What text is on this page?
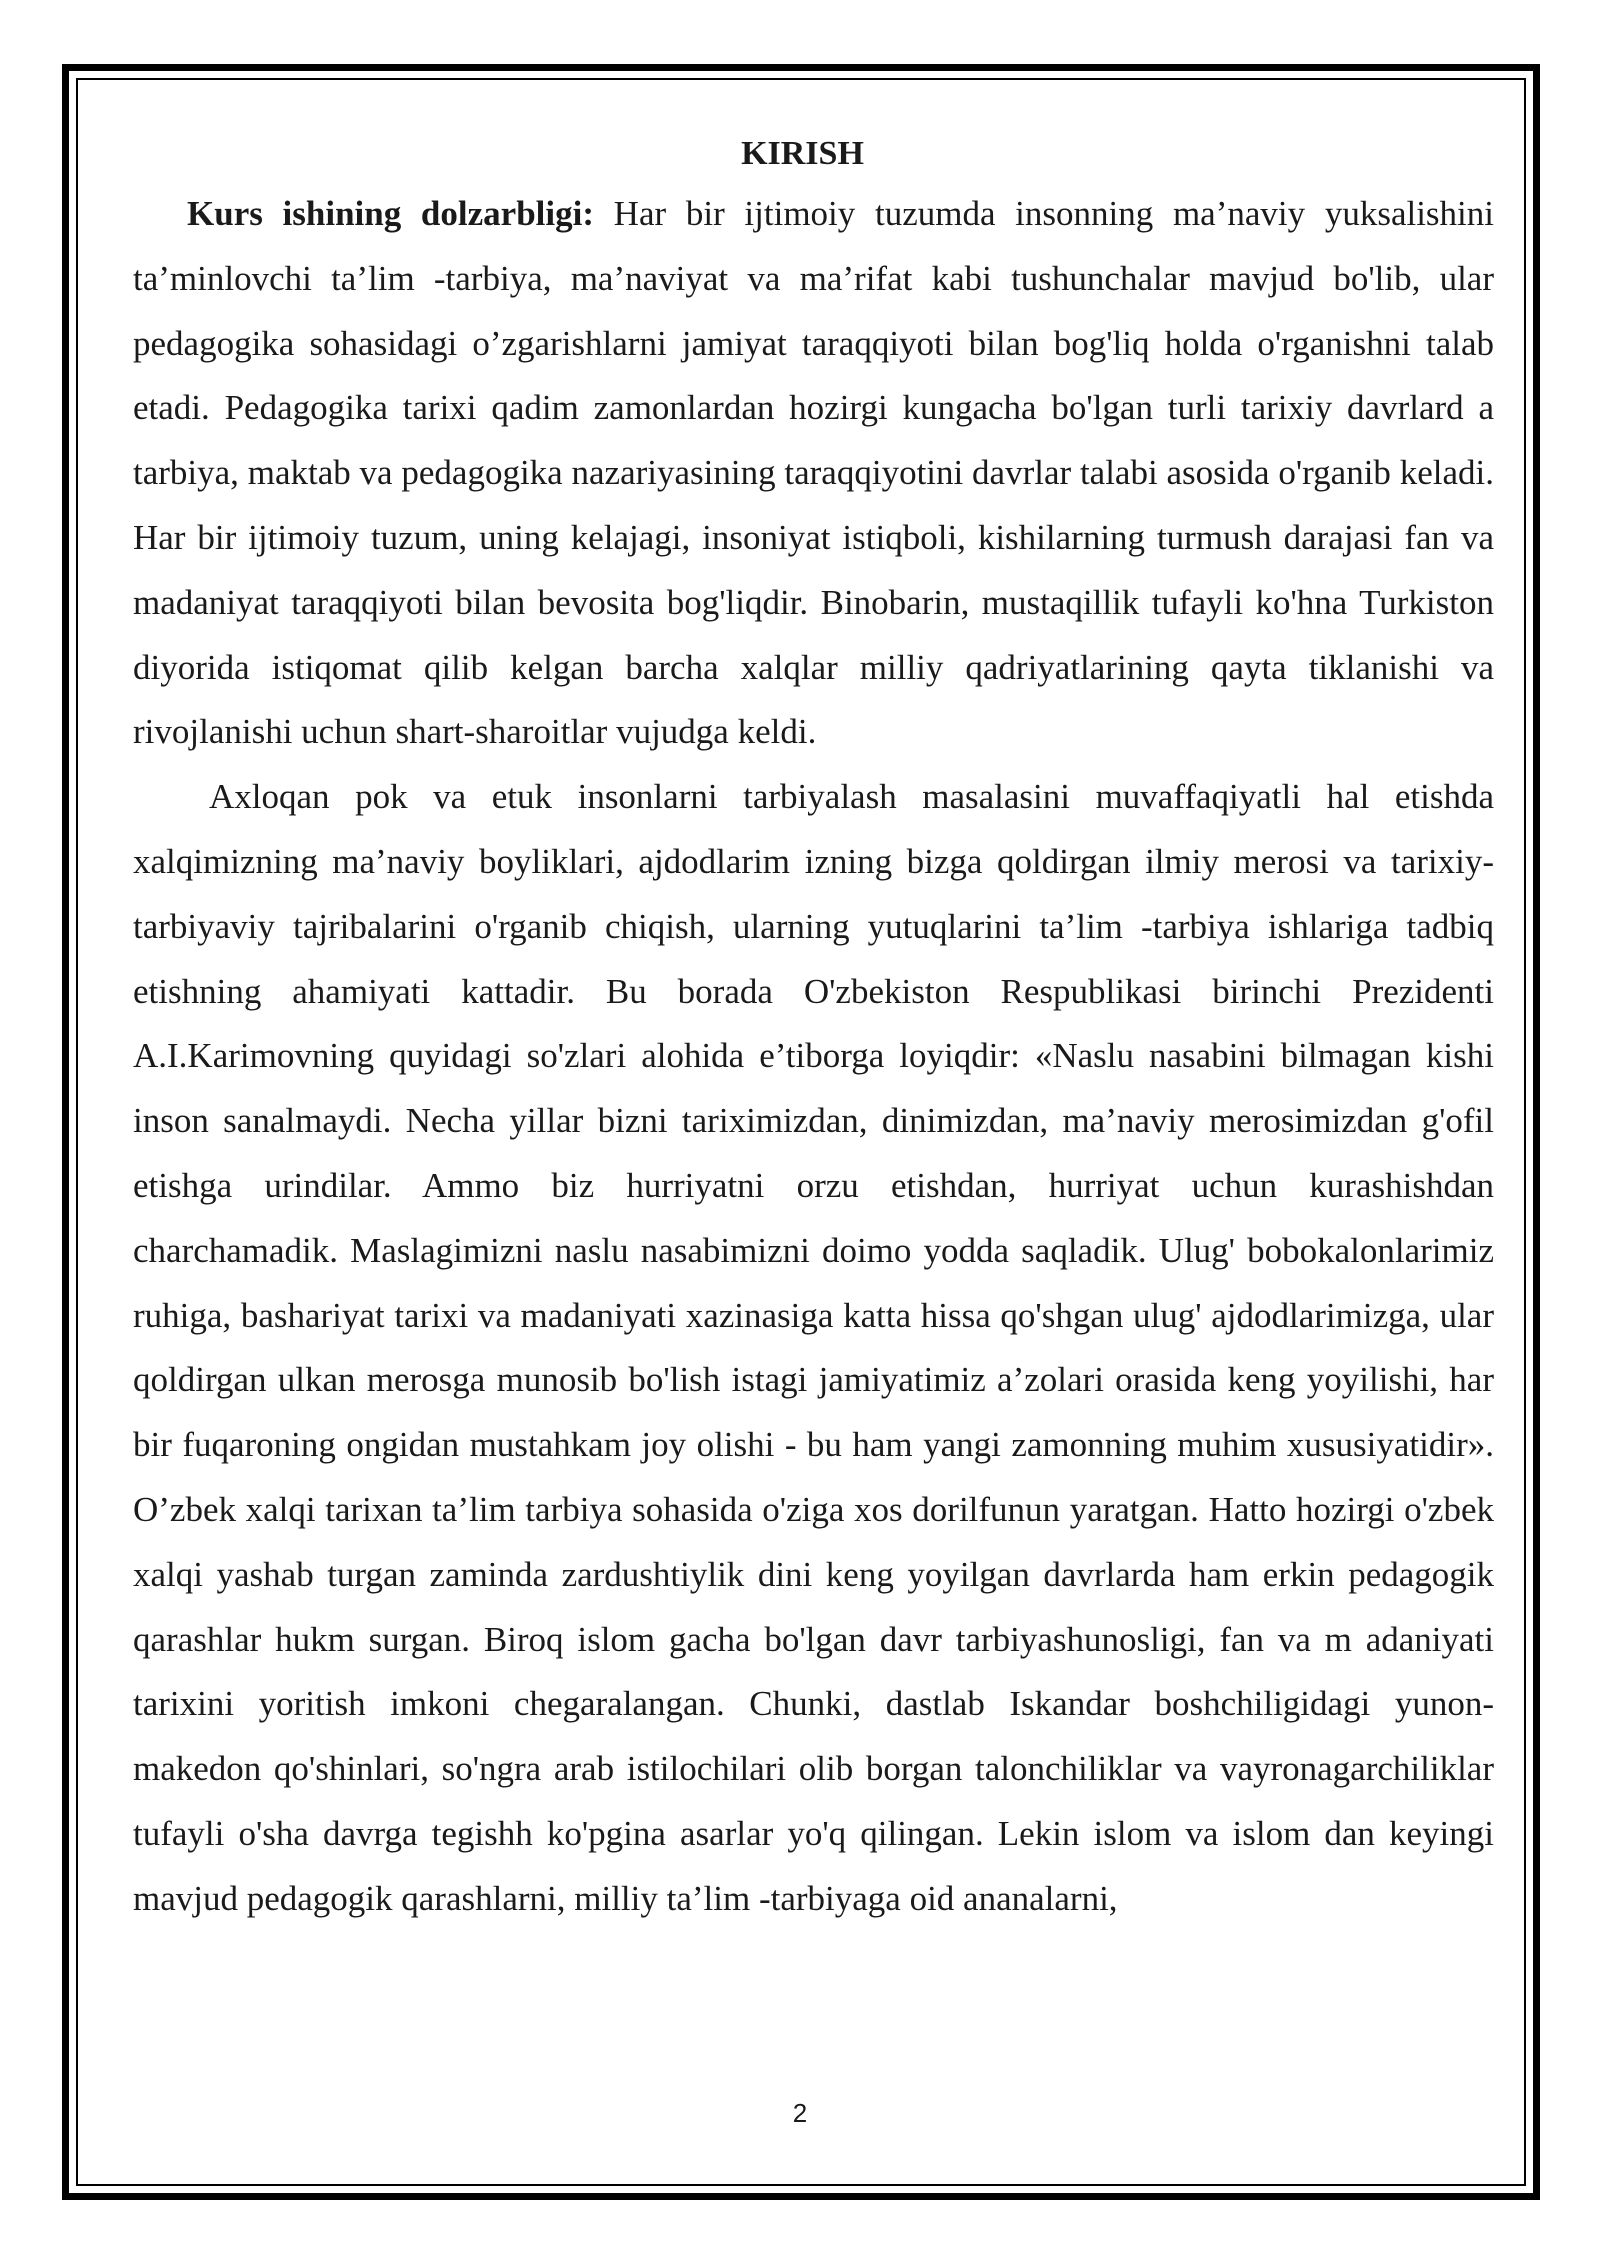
KIRISH

Kurs ishining dolzarbligi: Har bir ijtimoiy tuzumda insonning ma’naviy yuksalishini ta’minlovchi ta’lim -tarbiya, ma’naviyat va ma’rifat kabi tushunchalar mavjud bo'lib, ular pedagogika sohasidagi o’zgarishlarni jamiyat taraqqiyoti bilan bog'liq holda o'rganishni talab etadi. Pedagogika tarixi qadim zamonlardan hozirgi kungacha bo'lgan turli tarixiy davrlard a tarbiya, maktab va pedagogika nazariyasining taraqqiyotini davrlar talabi asosida o'rganib keladi. Har bir ijtimoiy tuzum, uning kelajagi, insoniyat istiqboli, kishilarning turmush darajasi fan va madaniyat taraqqiyoti bilan bevosita bog'liqdir. Binobarin, mustaqillik tufayli ko'hna Turkiston diyorida istiqomat qilib kelgan barcha xalqlar milliy qadriyatlarining qayta tiklanishi va rivojlanishi uchun shart-sharoitlar vujudga keldi.

Axloqan pok va etuk insonlarni tarbiyalash masalasini muvaffaqiyatli hal etishda xalqimizning ma’naviy boyliklari, ajdodlarim izning bizga qoldirgan ilmiy merosi va tarixiy-tarbiyaviy tajribalarini o'rganib chiqish, ularning yutuqlarini ta’lim -tarbiya ishlariga tadbiq etishning ahamiyati kattadir. Bu borada O'zbekiston Respublikasi birinchi Prezidenti A.I.Karimovning quyidagi so'zlari alohida e’tiborga loyiqdir: «Naslu nasabini bilmagan kishi inson sanalmaydi. Necha yillar bizni tariximizdan, dinimizdan, ma’naviy merosimizdan g'ofil etishga urindilar. Ammo biz hurriyatni orzu etishdan, hurriyat uchun kurashishdan charchamadik. Maslagimizni naslu nasabimizni doimo yodda saqladik. Ulug' bobokalonlarimiz ruhiga, bashariyat tarixi va madaniyati xazinasiga katta hissa qo'shgan ulug' ajdodlarimizga, ular qoldirgan ulkan merosga munosib bo'lish istagi jamiyatimiz a’zolari orasida keng yoyilishi, har bir fuqaroning ongidan mustahkam joy olishi - bu ham yangi zamonning muhim xususiyatidir». O’zbek xalqi tarixan ta’lim tarbiya sohasida o'ziga xos dorilfunun yaratgan. Hatto hozirgi o'zbek xalqi yashab turgan zaminda zardushtiylik dini keng yoyilgan davrlarda ham erkin pedagogik qarashlar hukm surgan. Biroq islom gacha bo'lgan davr tarbiyashunosligi, fan va m adaniyati tarixini yoritish imkoni chegaralangan. Chunki, dastlab Iskandar boshchiligidagi yunon-makedon qo'shinlari, so'ngra arab istilochilari olib borgan talonchiliklar va vayronagarchiliklar tufayli o'sha davrga tegishh ko'pgina asarlar yo'q qilingan. Lekin islom va islom dan keyingi mavjud pedagogik qarashlarni, milliy ta’lim -tarbiyaga oid ananalarni,

2
